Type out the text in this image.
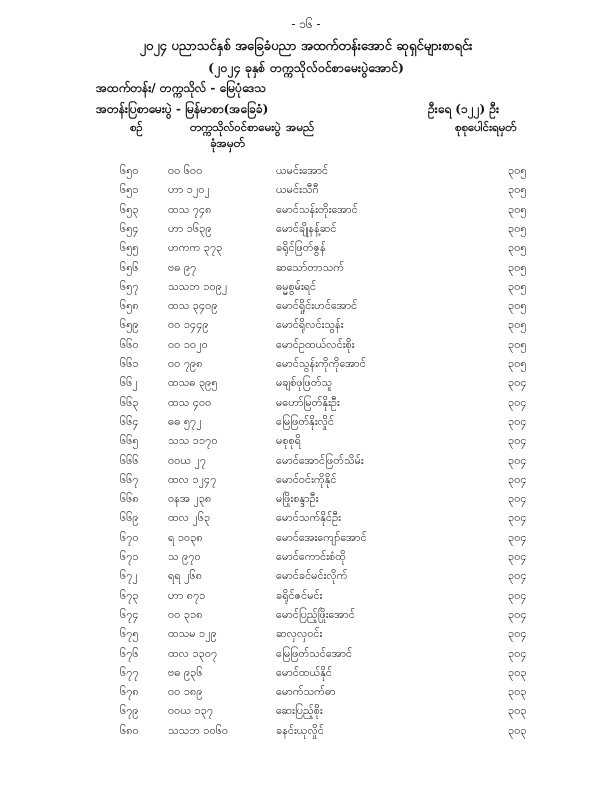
- ၁၆ -
၂၀၂၄ ပညာသင်နှစ် အခြေခံပညာ အထက်တန်းအောင် ဆုရှင်များစာရင်း
(၂၀၂၄ ခုနှစ် တက္ကသိုလ်ဝင်စာမေးပွဲအောင်)
အထက်တန်း/ တက္ကသိုလ် - မြေပုံဒေသ
အတန်းပြစာမေးပွဲ - မြန်မာစာ(အခြေခံ)	ဦးရေ (၁၂၂) ဦး
စဉ်	တက္ကသိုလ်ဝင်စာမေးပွဲ အမည်	စုစုပေါင်းရမှတ်
ခုံအမှတ်
၆၅၀	ဝဝ ၆၀၀	ယမင်းအောင်	၃၀၅
၆၅၁	ဟာ ၁၂၀၂	ယမင်းသီဂီ	၃၀၅
၆၅၃	ထသ ၇၄၈	မောင်သန်းတိုးအောင်	၃၀၅
၆၅၄	ဟာ ၁၆၃၉	မောင်ချိုနန့်ဆင်	၃၀၅
၆၅၅	ဟကက ၃၇၃	ခရိုင်ဖြတ်ဇွန်	၃၀၅
၆၅၆	ဗဓ ၉၇	ဆသော်တာသက်	၃၀၅
၆၅၇	သသဘ ၁၀၉၂	ဓမ္မစွမ်းရင်	၃၀၅
၆၅၈	ထသ ၃၄၀၉	မောင်ရှိုင်းဟင်အောင်	၃၀၅
၆၅၉	ဝဝ ၁၄၄၉	မောင်ရိုလင်းသွန်း	၃၀၅
၆၆၀	ဝဝ ၁၀၂၀	မောင်ဥထယ်လင်းစိုး	၃၀၅
၆၆၁	ဝဝ ၇၉၈	မောင်သွန်းကိုကိုအောင်	၃၀၅
၆၆၂	ထသဓ ၃၉၅	မချစ်ဖုဖြတ်သူ	၃၀၄
၆၆၃	ထသ ၄၀၀	မဟော်မြတ်နိုးဦး	၃၀၄
၆၆၄	ဓဓ ၅၇၂	မြေဖြတ်နိုးလှိုင်	၃၀၄
၆၆၅	သသ ၁၁၇၀	မစုစုရိ	၃၀၄
၆၆၆	ဝဝယ ၂၇	မောင်အောင်ဖြတ်သိမ်း	၃၀၄
၆၆၇	ထလ ၁၂၄၇	မောင်ဝင်းကိုနိုင်	၃၀၄
၆၆၈	ဝနအ ၂၃၈	မဖြိုးစန္ဒာဦး	၃၀၄
၆၆၉	ထလ ၂၆၃	မောင်သက်နိုင်ဦး	၃၀၄
၆၇၀	ရ ၁၀၃၈	မောင်အေးကျော်အောင်	၃၀၄
၆၇၁	သ ၉၇၀	မောင်ကောင်းစံထို	၃၀၄
၆၇၂	ရရ ၂၆၈	မောင်ခင်မင်းလိုက်	၃၀၄
၆၇၃	ဟာ ၈၇၁	ခရိုင်ဇင်မင်း	၃၀၄
၆၇၄	ဝဝ ၃၁၈	မောင်ပြည့်ဖြိုးအောင်	၃၀၄
၆၇၅	ထသမ ၁၂၉	ဆလှလှဝင်း	၃၀၄
၆၇၆	ထလ ၁၃၀၇	မြေဖြတ်သင်အောင်	၃၀၄
၆၇၇	ဗဓ ၉၃၆	မောင်ထယ်နိုင်	၃၀၃
၆၇၈	ဝဝ ၁၈၉	မောက်သက်ဓာ	၃၀၃
၆၇၉	ဝဝယ ၁၃၇	ဆေးပြည့်စိုး	၃၀၃
၆၈၀	သသဘ ၁၀၆၀	ခနင်းယုလှိုင်	၃၀၃
